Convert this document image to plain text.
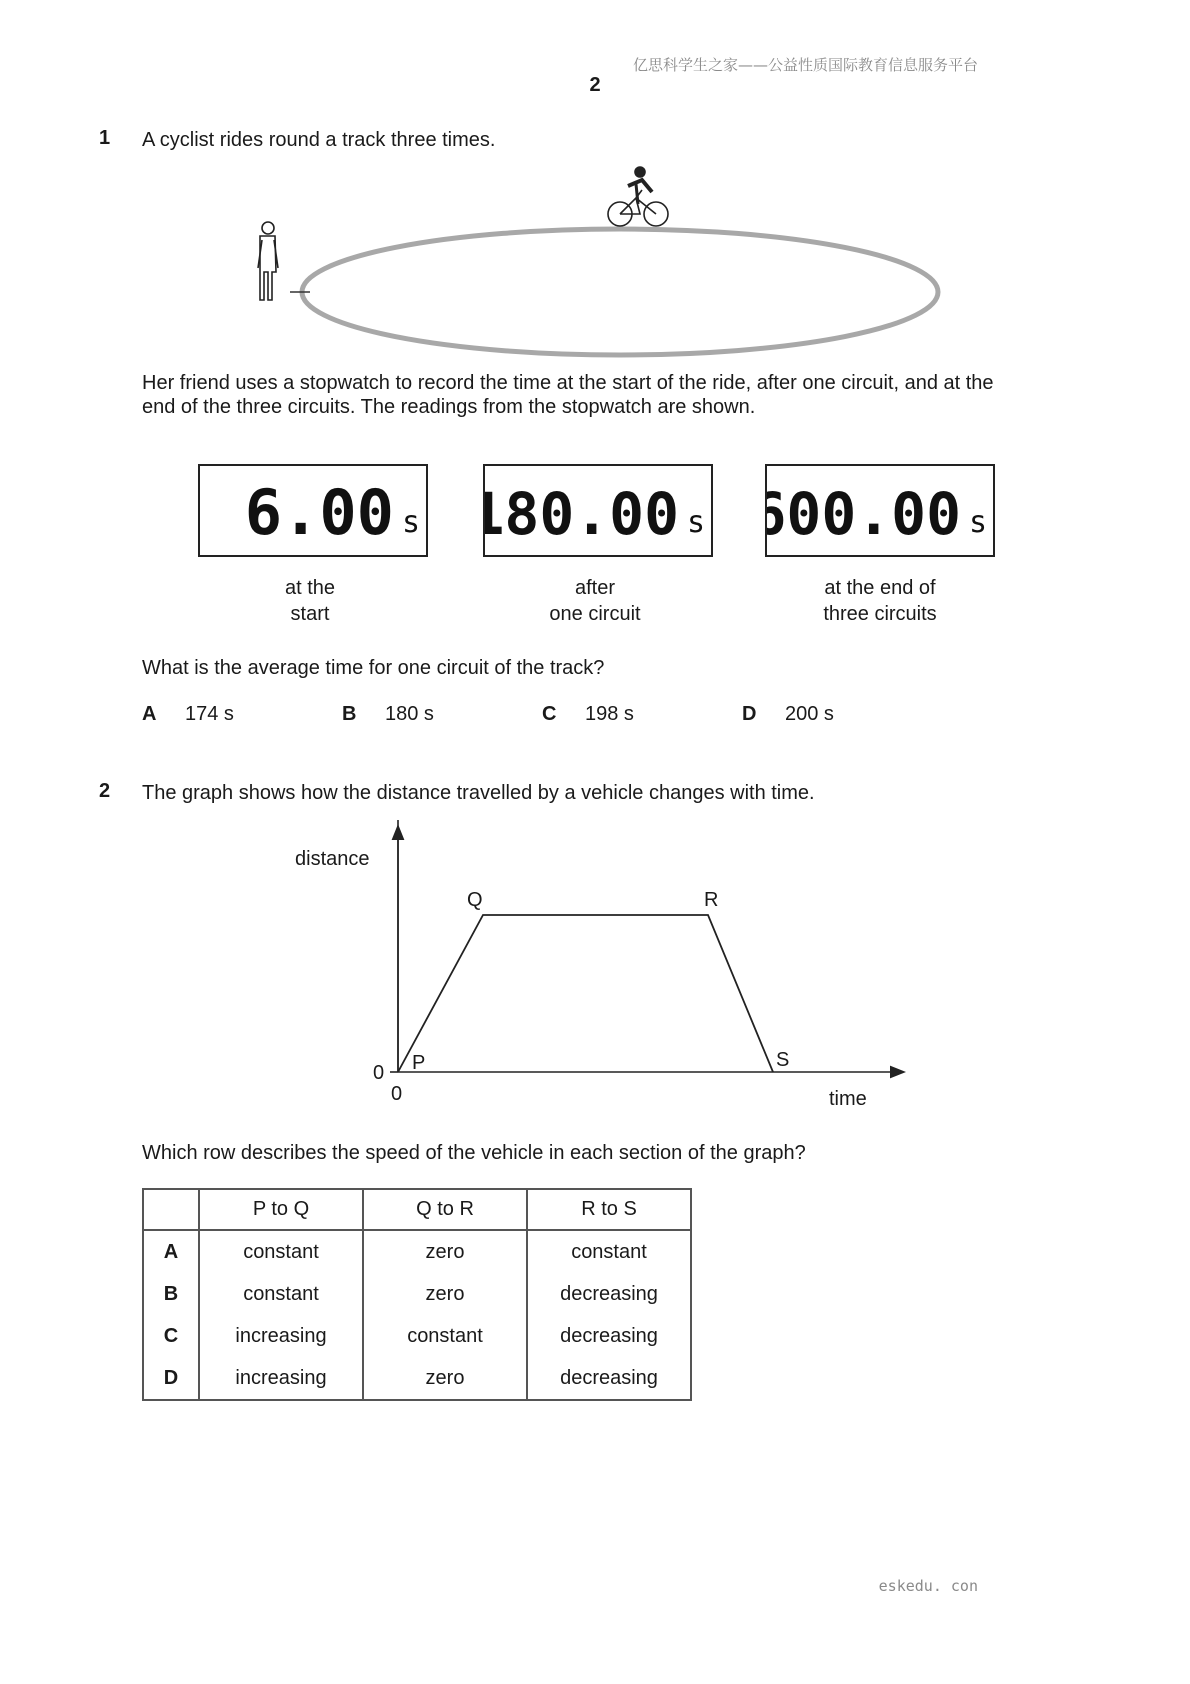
亿思科学生之家——公益性质国际教育信息服务平台
2
1 A cyclist rides round a track three times.
Her friend uses a stopwatch to record the time at the start of the ride, after one circuit, and at the
end of the three circuits. The readings from the stopwatch are shown.
6.00 s 180.00 s 600.00 s
at the
start
after
one circuit
at the end of
three circuits
What is the average time for one circuit of the track?
A 174 s	B 180 s	C 198 s	D 200 s
2 The graph shows how the distance travelled by a vehicle changes with time.
distance
time
0
0
P
Q	R
S
Which row describes the speed of the vehicle in each section of the graph?
	P to Q	Q to R	R to S
A	constant	zero	constant
B	constant	zero	decreasing
C	increasing	constant	decreasing
D	increasing	zero	decreasing
eskedu. con
